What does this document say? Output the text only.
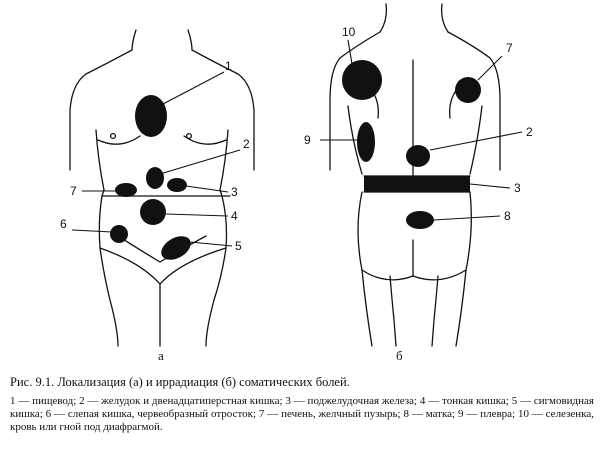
1
2
3
4
5
6
7
а
10
7
9
2
3
8
б

Рис. 9.1. Локализация (а) и иррадиация (б) соматических болей.

1 — пищевод; 2 — желудок и двенадцатиперстная кишка; 3 — поджелудочная железа; 4 — тонкая кишка; 5 — сигмовидная кишка; 6 — слепая кишка, червеобразный отросток; 7 — печень, желчный пузырь; 8 — матка; 9 — плевра; 10 — селезенка, кровь или гной под диафрагмой.
